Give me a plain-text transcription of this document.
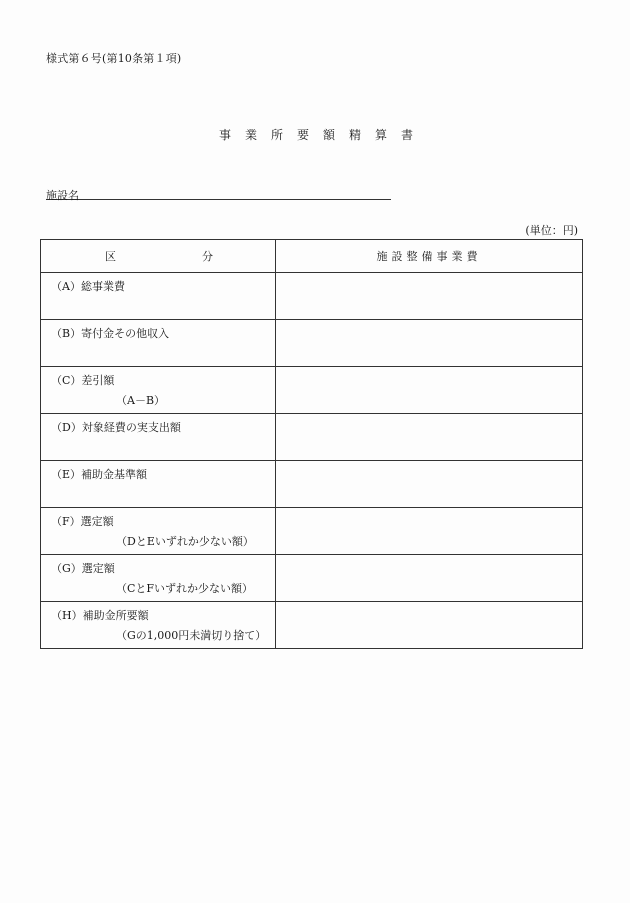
様式第６号(第10条第１項)
事業所要額精算書
施設名
(単位：円)
区 分	施設整備事業費

（A）総事業費	

（B）寄付金その他収入	

（C）差引額
（A－B）	

（D）対象経費の実支出額	

（E）補助金基準額	

（F）選定額
（DとEいずれか少ない額）	

（G）選定額
（CとFいずれか少ない額）	

（H）補助金所要額
（Gの1,000円未満切り捨て）	
